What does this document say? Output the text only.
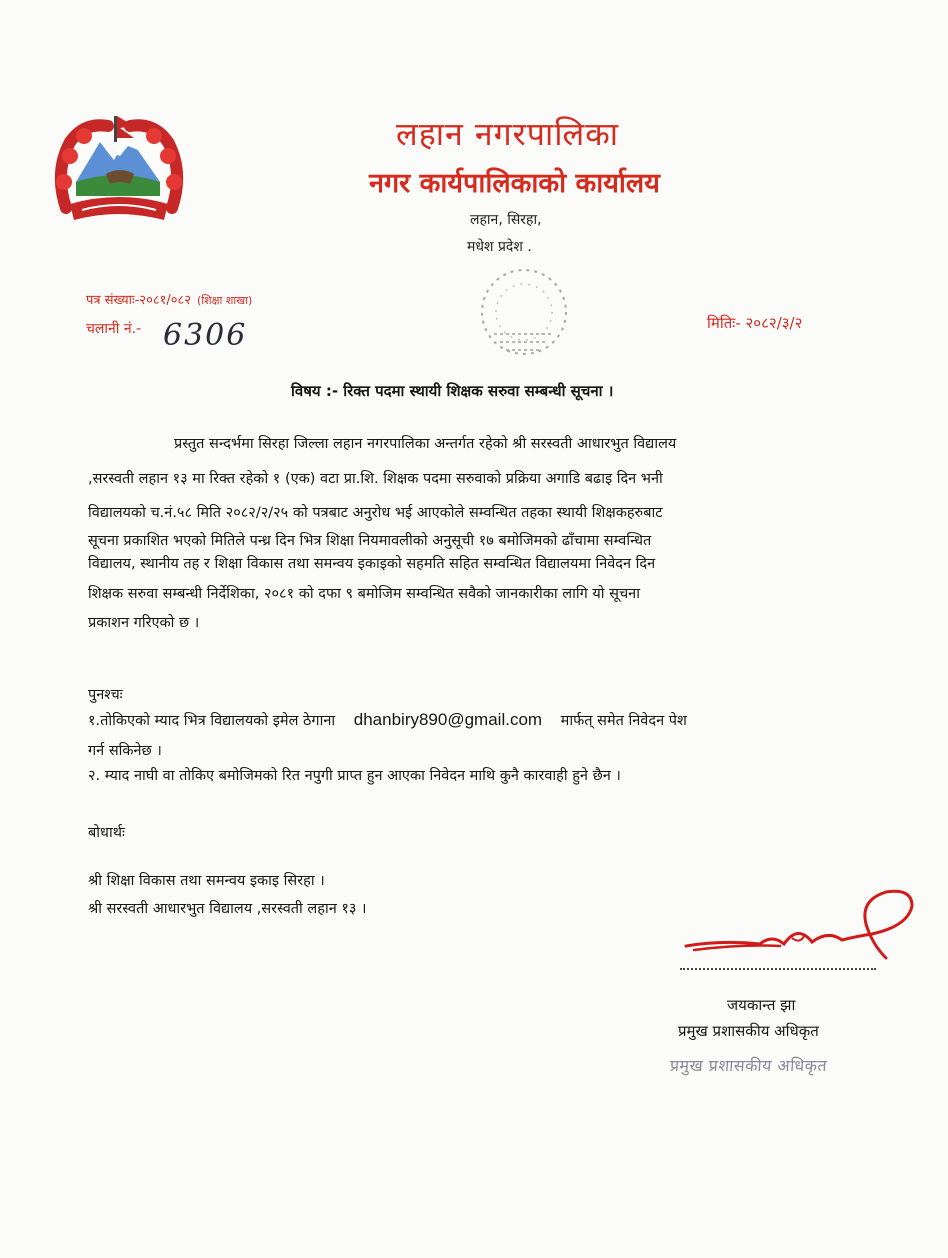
लहान नगरपालिका
नगर कार्यपालिकाको कार्यालय
लहान, सिरहा,
मधेश प्रदेश .
पत्र संख्याः-२०८१/०८२ (शिक्षा शाखा)
चलानी नं.- 6306	मितिः- २०८२/३/२
विषय :- रिक्त पदमा स्थायी शिक्षक सरुवा सम्बन्धी सूचना ।
प्रस्तुत सन्दर्भमा सिरहा जिल्ला लहान नगरपालिका अन्तर्गत रहेको श्री सरस्वती आधारभुत विद्यालय
,सरस्वती लहान १३ मा रिक्त रहेको १ (एक) वटा प्रा.शि. शिक्षक पदमा सरुवाको प्रक्रिया अगाडि बढाइ दिन भनी
विद्यालयको च.नं.५८ मिति २०८२/२/२५ को पत्रबाट अनुरोध भई आएकोले सम्वन्धित तहका स्थायी शिक्षकहरुबाट
सूचना प्रकाशित भएको मितिले पन्ध्र दिन भित्र शिक्षा नियमावलीको अनुसूची १७ बमोजिमको ढाँचामा सम्वन्धित
विद्यालय, स्थानीय तह र शिक्षा विकास तथा समन्वय इकाइको सहमति सहित सम्वन्धित विद्यालयमा निवेदन दिन
शिक्षक सरुवा सम्बन्धी निर्देशिका, २०८१ को दफा ९ बमोजिम सम्वन्धित सवैको जानकारीका लागि यो सूचना
प्रकाशन गरिएको छ ।
पुनश्चः
१.तोकिएको म्याद भित्र विद्यालयको इमेल ठेगाना dhanbiry890@gmail.com मार्फत् समेत निवेदन पेश
गर्न सकिनेछ ।
२. म्याद नाघी वा तोकिए बमोजिमको रित नपुगी प्राप्त हुन आएका निवेदन माथि कुनै कारवाही हुने छैन ।
बोधार्थः
श्री शिक्षा विकास तथा समन्वय इकाइ सिरहा ।
श्री सरस्वती आधारभुत विद्यालय ,सरस्वती लहान १३ ।
जयकान्त झा
प्रमुख प्रशासकीय अधिकृत
प्रमुख प्रशासकीय अधिकृत
